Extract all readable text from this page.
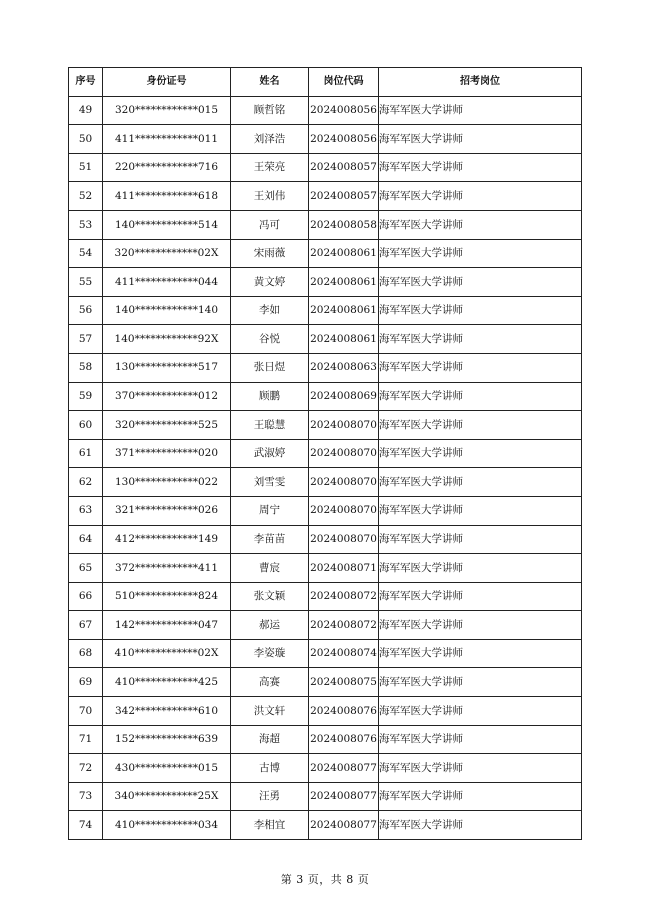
序号	身份证号	姓名	岗位代码	招考岗位
49	320************015	顾哲铭	2024008056	海军军医大学讲师
50	411************011	刘泽浩	2024008056	海军军医大学讲师
51	220************716	王荣亮	2024008057	海军军医大学讲师
52	411************618	王刘伟	2024008057	海军军医大学讲师
53	140************514	冯可	2024008058	海军军医大学讲师
54	320************02X	宋雨薇	2024008061	海军军医大学讲师
55	411************044	黄文婷	2024008061	海军军医大学讲师
56	140************140	李如	2024008061	海军军医大学讲师
57	140************92X	谷悦	2024008061	海军军医大学讲师
58	130************517	张日煜	2024008063	海军军医大学讲师
59	370************012	顾鹏	2024008069	海军军医大学讲师
60	320************525	王聪慧	2024008070	海军军医大学讲师
61	371************020	武淑婷	2024008070	海军军医大学讲师
62	130************022	刘雪雯	2024008070	海军军医大学讲师
63	321************026	周宁	2024008070	海军军医大学讲师
64	412************149	李苗苗	2024008070	海军军医大学讲师
65	372************411	曹宸	2024008071	海军军医大学讲师
66	510************824	张文颖	2024008072	海军军医大学讲师
67	142************047	郝运	2024008072	海军军医大学讲师
68	410************02X	李姿璇	2024008074	海军军医大学讲师
69	410************425	高赛	2024008075	海军军医大学讲师
70	342************610	洪文轩	2024008076	海军军医大学讲师
71	152************639	海超	2024008076	海军军医大学讲师
72	430************015	古博	2024008077	海军军医大学讲师
73	340************25X	汪勇	2024008077	海军军医大学讲师
74	410************034	李相宜	2024008077	海军军医大学讲师
第 3 页，共 8 页
